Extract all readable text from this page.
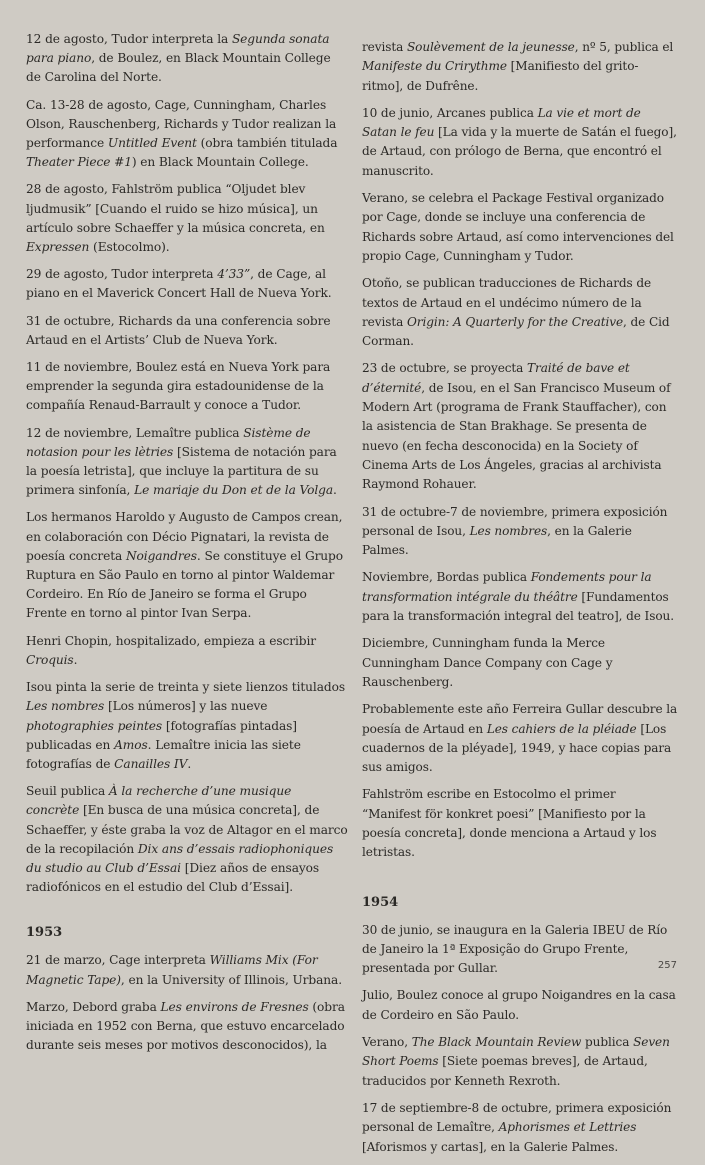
12 de agosto, Tudor interpreta la Segunda sonata para piano, de Boulez, en Black Mountain College de Carolina del Norte.

Ca. 13-28 de agosto, Cage, Cunningham, Charles Olson, Rauschenberg, Richards y Tudor realizan la performance Untitled Event (obra también titulada Theater Piece #1) en Black Mountain College.

28 de agosto, Fahlström publica “Oljudet blev ljudmusik” [Cuando el ruido se hizo música], un artículo sobre Schaeffer y la música concreta, en Expressen (Estocolmo).

29 de agosto, Tudor interpreta 4’33”, de Cage, al piano en el Maverick Concert Hall de Nueva York.

31 de octubre, Richards da una conferencia sobre Artaud en el Artists’ Club de Nueva York.

11 de noviembre, Boulez está en Nueva York para emprender la segunda gira estadounidense de la compañía Renaud-Barrault y conoce a Tudor.

12 de noviembre, Lemaître publica Sistème de notasion pour les lètries [Sistema de notación para la poesía letrista], que incluye la partitura de su primera sinfonía, Le mariaje du Don et de la Volga.

Los hermanos Haroldo y Augusto de Campos crean, en colaboración con Décio Pignatari, la revista de poesía concreta Noigandres. Se constituye el Grupo Ruptura en São Paulo en torno al pintor Waldemar Cordeiro. En Río de Janeiro se forma el Grupo Frente en torno al pintor Ivan Serpa.

Henri Chopin, hospitalizado, empieza a escribir Croquis.

Isou pinta la serie de treinta y siete lienzos titulados Les nombres [Los números] y las nueve photographies peintes [fotografías pintadas] publicadas en Amos. Lemaître inicia las siete fotografías de Canailles IV.

Seuil publica À la recherche d’une musique concrète [En busca de una música concreta], de Schaeffer, y éste graba la voz de Altagor en el marco de la recopilación Dix ans d’essais radiophoniques du studio au Club d’Essai [Diez años de ensayos radiofónicos en el estudio del Club d’Essai].

1953

21 de marzo, Cage interpreta Williams Mix (For Magnetic Tape), en la University of Illinois, Urbana.

Marzo, Debord graba Les environs de Fresnes (obra iniciada en 1952 con Berna, que estuvo encarcelado durante seis meses por motivos desconocidos), la

revista Soulèvement de la jeunesse, nº 5, publica el Manifeste du Crirythme [Manifiesto del grito-ritmo], de Dufrêne.

10 de junio, Arcanes publica La vie et mort de Satan le feu [La vida y la muerte de Satán el fuego], de Artaud, con prólogo de Berna, que encontró el manuscrito.

Verano, se celebra el Package Festival organizado por Cage, donde se incluye una conferencia de Richards sobre Artaud, así como intervenciones del propio Cage, Cunningham y Tudor.

Otoño, se publican traducciones de Richards de textos de Artaud en el undécimo número de la revista Origin: A Quarterly for the Creative, de Cid Corman.

23 de octubre, se proyecta Traité de bave et d’éternité, de Isou, en el San Francisco Museum of Modern Art (programa de Frank Stauffacher), con la asistencia de Stan Brakhage. Se presenta de nuevo (en fecha desconocida) en la Society of Cinema Arts de Los Ángeles, gracias al archivista Raymond Rohauer.

31 de octubre-7 de noviembre, primera exposición personal de Isou, Les nombres, en la Galerie Palmes.

Noviembre, Bordas publica Fondements pour la transformation intégrale du théâtre [Fundamentos para la transformación integral del teatro], de Isou.

Diciembre, Cunningham funda la Merce Cunningham Dance Company con Cage y Rauschenberg.

Probablemente este año Ferreira Gullar descubre la poesía de Artaud en Les cahiers de la pléiade [Los cuadernos de la pléyade], 1949, y hace copias para sus amigos.

Fahlström escribe en Estocolmo el primer “Manifest för konkret poesi” [Manifiesto por la poesía concreta], donde menciona a Artaud y los letristas.

1954

30 de junio, se inaugura en la Galeria IBEU de Río de Janeiro la 1ª Exposição do Grupo Frente, presentada por Gullar.

Julio, Boulez conoce al grupo Noigandres en la casa de Cordeiro en São Paulo.

Verano, The Black Mountain Review publica Seven Short Poems [Siete poemas breves], de Artaud, traducidos por Kenneth Rexroth.

17 de septiembre-8 de octubre, primera exposición personal de Lemaître, Aphorismes et Lettries [Aforismos y cartas], en la Galerie Palmes.

257
